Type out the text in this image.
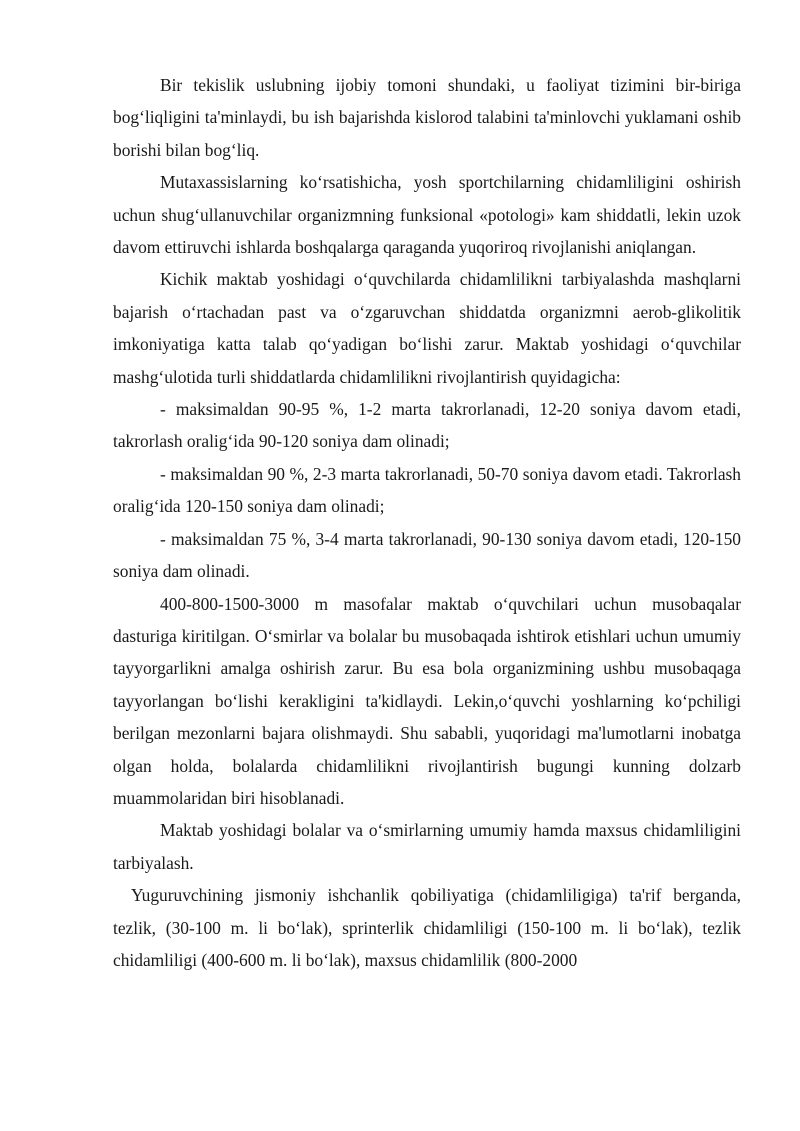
Bir tekislik uslubning ijobiy tomoni shundaki, u faoliyat tizimini bir-biriga bog‘liqligini ta'minlaydi, bu ish bajarishda kislorod talabini ta'minlovchi yuklamani oshib borishi bilan bog‘liq.

Mutaxassislarning ko‘rsatishicha, yosh sportchilarning chidamliligini oshirish uchun shug‘ullanuvchilar organizmning funksional «potologi» kam shiddatli, lekin uzok davom ettiruvchi ishlarda boshqalarga qaraganda yuqoriroq rivojlanishi aniqlangan.

Kichik maktab yoshidagi o‘quvchilarda chidamlilikni tarbiyalashda mashqlarni bajarish o‘rtachadan past va o‘zgaruvchan shiddatda organizmni aerob-glikolitik imkoniyatiga katta talab qo‘yadigan bo‘lishi zarur. Maktab yoshidagi o‘quvchilar mashg‘ulotida turli shiddatlarda chidamlilikni rivojlantirish quyidagicha:

- maksimaldan 90-95 %, 1-2 marta takrorlanadi, 12-20 soniya davom etadi, takrorlash oralig‘ida 90-120 soniya dam olinadi;

- maksimaldan 90 %, 2-3 marta takrorlanadi, 50-70 soniya davom etadi. Takrorlash oralig‘ida 120-150 soniya dam olinadi;

- maksimaldan 75 %, 3-4 marta takrorlanadi, 90-130 soniya davom etadi, 120-150 soniya dam olinadi.

400-800-1500-3000 m masofalar maktab o‘quvchilari uchun musobaqalar dasturiga kiritilgan. O‘smirlar va bolalar bu musobaqada ishtirok etishlari uchun umumiy tayyorgarlikni amalga oshirish zarur. Bu esa bola organizmining ushbu musobaqaga tayyorlangan bo‘lishi kerakligini ta'kidlaydi. Lekin,o‘quvchi yoshlarning ko‘pchiligi berilgan mezonlarni bajara olishmaydi. Shu sababli, yuqoridagi ma'lumotlarni inobatga olgan holda, bolalarda chidamlilikni rivojlantirish bugungi kunning dolzarb muammolaridan biri hisoblanadi.

Maktab yoshidagi bolalar va o‘smirlarning umumiy hamda maxsus chidamliligini tarbiyalash.

Yuguruvchining jismoniy ishchanlik qobiliyatiga (chidamliligiga) ta'rif berganda, tezlik, (30-100 m. li bo‘lak), sprinterlik chidamliligi (150-100 m. li bo‘lak), tezlik chidamliligi (400-600 m. li bo‘lak), maxsus chidamlilik (800-2000
